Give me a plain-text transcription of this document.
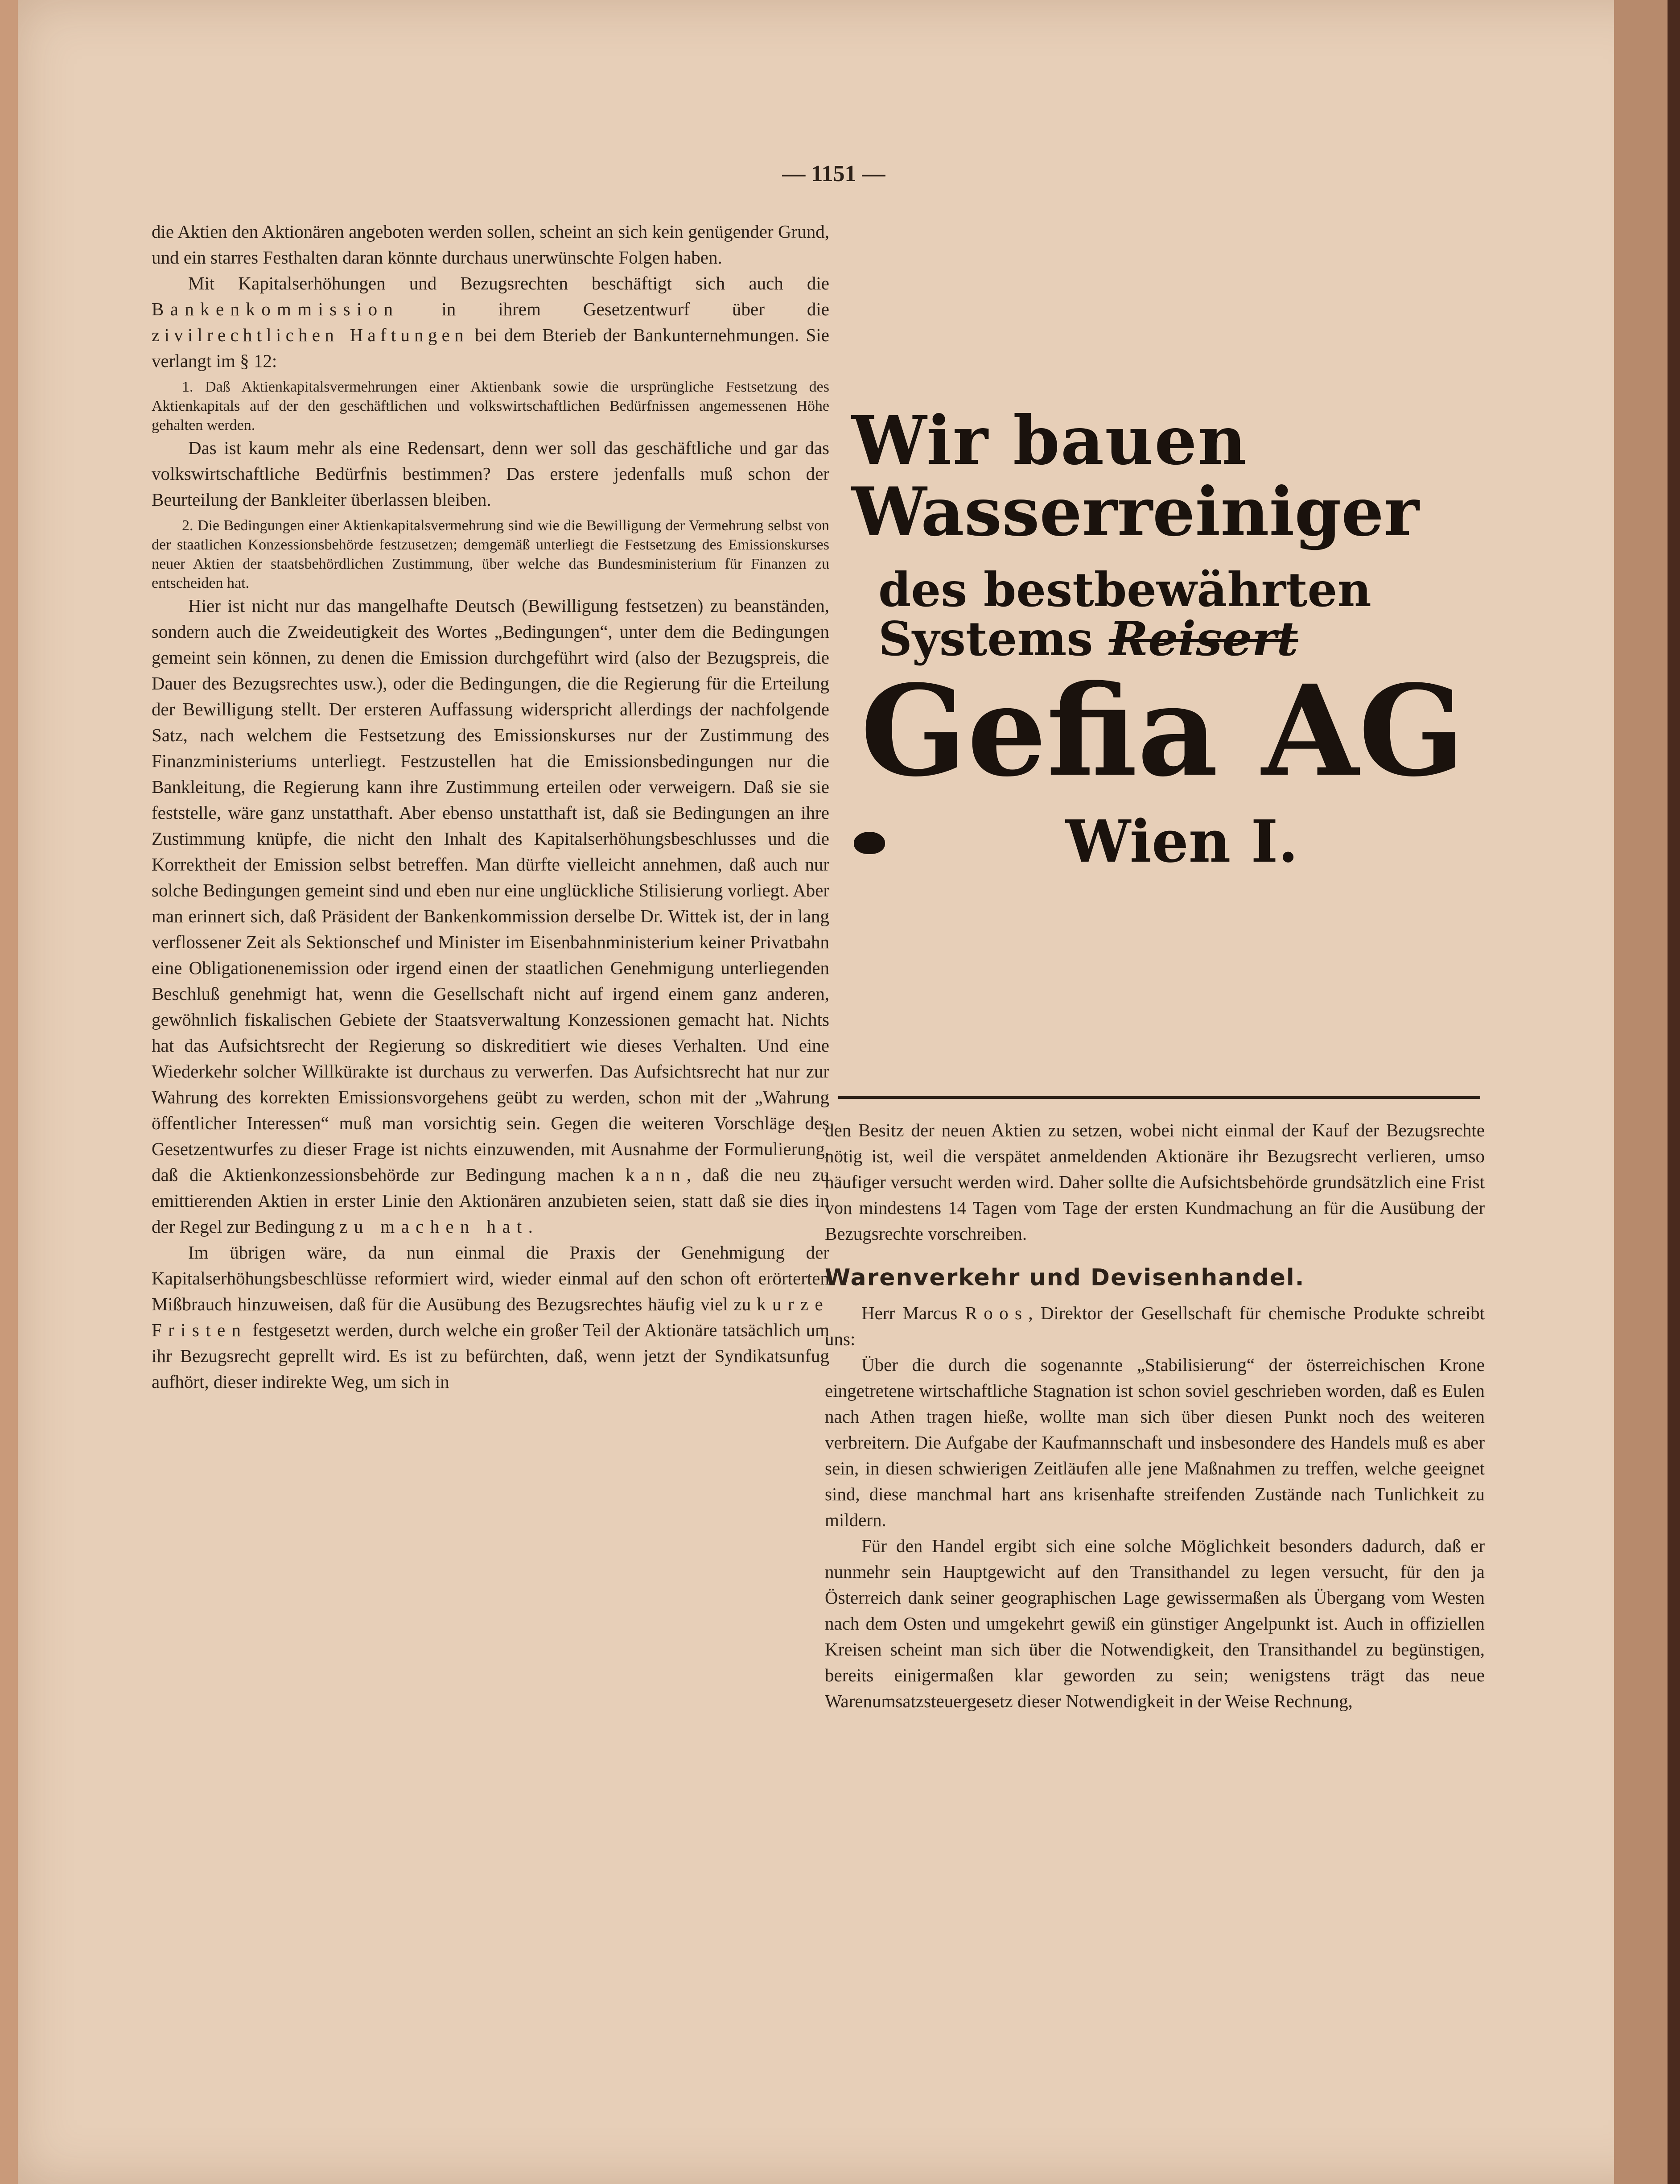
— 1151 —

die Aktien den Aktionären angeboten werden sollen, scheint an sich kein genügender Grund, und ein starres Festhalten daran könnte durchaus unerwünschte Folgen haben.

Mit Kapitalserhöhungen und Bezugsrechten beschäftigt sich auch die Bankenkommission in ihrem Gesetzentwurf über die zivilrechtlichen Haftungen bei dem Bterieb der Bankunternehmungen. Sie verlangt im § 12:

1. Daß Aktienkapitalsvermehrungen einer Aktienbank sowie die ursprüngliche Festsetzung des Aktienkapitals auf der den geschäftlichen und volkswirtschaftlichen Bedürfnissen angemessenen Höhe gehalten werden.

Das ist kaum mehr als eine Redensart, denn wer soll das geschäftliche und gar das volkswirtschaftliche Bedürfnis bestimmen? Das erstere jedenfalls muß schon der Beurteilung der Bankleiter überlassen bleiben.

2. Die Bedingungen einer Aktienkapitalsvermehrung sind wie die Bewilligung der Vermehrung selbst von der staatlichen Konzessionsbehörde festzusetzen; demgemäß unterliegt die Festsetzung des Emissionskurses neuer Aktien der staatsbehördlichen Zustimmung, über welche das Bundesministerium für Finanzen zu entscheiden hat.

Hier ist nicht nur das mangelhafte Deutsch (Bewilligung festsetzen) zu beanständen, sondern auch die Zweideutigkeit des Wortes „Bedingungen“, unter dem die Bedingungen gemeint sein können, zu denen die Emission durchgeführt wird (also der Bezugspreis, die Dauer des Bezugsrechtes usw.), oder die Bedingungen, die die Regierung für die Erteilung der Bewilligung stellt. Der ersteren Auffassung widerspricht allerdings der nachfolgende Satz, nach welchem die Festsetzung des Emissionskurses nur der Zustimmung des Finanzministeriums unterliegt. Festzustellen hat die Emissionsbedingungen nur die Bankleitung, die Regierung kann ihre Zustimmung erteilen oder verweigern. Daß sie sie feststelle, wäre ganz unstatthaft. Aber ebenso unstatthaft ist, daß sie Bedingungen an ihre Zustimmung knüpfe, die nicht den Inhalt des Kapitalserhöhungsbeschlusses und die Korrektheit der Emission selbst betreffen. Man dürfte vielleicht annehmen, daß auch nur solche Bedingungen gemeint sind und eben nur eine unglückliche Stilisierung vorliegt. Aber man erinnert sich, daß Präsident der Bankenkommission derselbe Dr. Wittek ist, der in lang verflossener Zeit als Sektionschef und Minister im Eisenbahnministerium keiner Privatbahn eine Obligationenemission oder irgend einen der staatlichen Genehmigung unterliegenden Beschluß genehmigt hat, wenn die Gesellschaft nicht auf irgend einem ganz anderen, gewöhnlich fiskalischen Gebiete der Staatsverwaltung Konzessionen gemacht hat. Nichts hat das Aufsichtsrecht der Regierung so diskreditiert wie dieses Verhalten. Und eine Wiederkehr solcher Willkürakte ist durchaus zu verwerfen. Das Aufsichtsrecht hat nur zur Wahrung des korrekten Emissionsvorgehens geübt zu werden, schon mit der „Wahrung öffentlicher Interessen“ muß man vorsichtig sein. Gegen die weiteren Vorschläge des Gesetzentwurfes zu dieser Frage ist nichts einzuwenden, mit Ausnahme der Formulierung, daß die Aktienkonzessionsbehörde zur Bedingung machen kann, daß die neu zu emittierenden Aktien in erster Linie den Aktionären anzubieten seien, statt daß sie dies in der Regel zur Bedingung zu machen hat.

Im übrigen wäre, da nun einmal die Praxis der Genehmigung der Kapitalserhöhungsbeschlüsse reformiert wird, wieder einmal auf den schon oft erörterten Mißbrauch hinzuweisen, daß für die Ausübung des Bezugsrechtes häufig viel zu kurze Fristen festgesetzt werden, durch welche ein großer Teil der Aktionäre tatsächlich um ihr Bezugsrecht geprellt wird. Es ist zu befürchten, daß, wenn jetzt der Syndikatsunfug aufhört, dieser indirekte Weg, um sich in

Wir bauen
Wasserreiniger
des bestbewährten
Systems Reisert
Gefia AG
Wien I.

den Besitz der neuen Aktien zu setzen, wobei nicht einmal der Kauf der Bezugsrechte nötig ist, weil die verspätet anmeldenden Aktionäre ihr Bezugsrecht verlieren, umso häufiger versucht werden wird. Daher sollte die Aufsichtsbehörde grundsätzlich eine Frist von mindestens 14 Tagen vom Tage der ersten Kundmachung an für die Ausübung der Bezugsrechte vorschreiben.

Warenverkehr und Devisenhandel.

Herr Marcus Roos, Direktor der Gesellschaft für chemische Produkte schreibt uns:

Über die durch die sogenannte „Stabilisierung“ der österreichischen Krone eingetretene wirtschaftliche Stagnation ist schon soviel geschrieben worden, daß es Eulen nach Athen tragen hieße, wollte man sich über diesen Punkt noch des weiteren verbreitern. Die Aufgabe der Kaufmannschaft und insbesondere des Handels muß es aber sein, in diesen schwierigen Zeitläufen alle jene Maßnahmen zu treffen, welche geeignet sind, diese manchmal hart ans krisenhafte streifenden Zustände nach Tunlichkeit zu mildern.

Für den Handel ergibt sich eine solche Möglichkeit besonders dadurch, daß er nunmehr sein Hauptgewicht auf den Transithandel zu legen versucht, für den ja Österreich dank seiner geographischen Lage gewissermaßen als Übergang vom Westen nach dem Osten und umgekehrt gewiß ein günstiger Angelpunkt ist. Auch in offiziellen Kreisen scheint man sich über die Notwendigkeit, den Transithandel zu begünstigen, bereits einigermaßen klar geworden zu sein; wenigstens trägt das neue Warenumsatzsteuergesetz dieser Notwendigkeit in der Weise Rechnung,
